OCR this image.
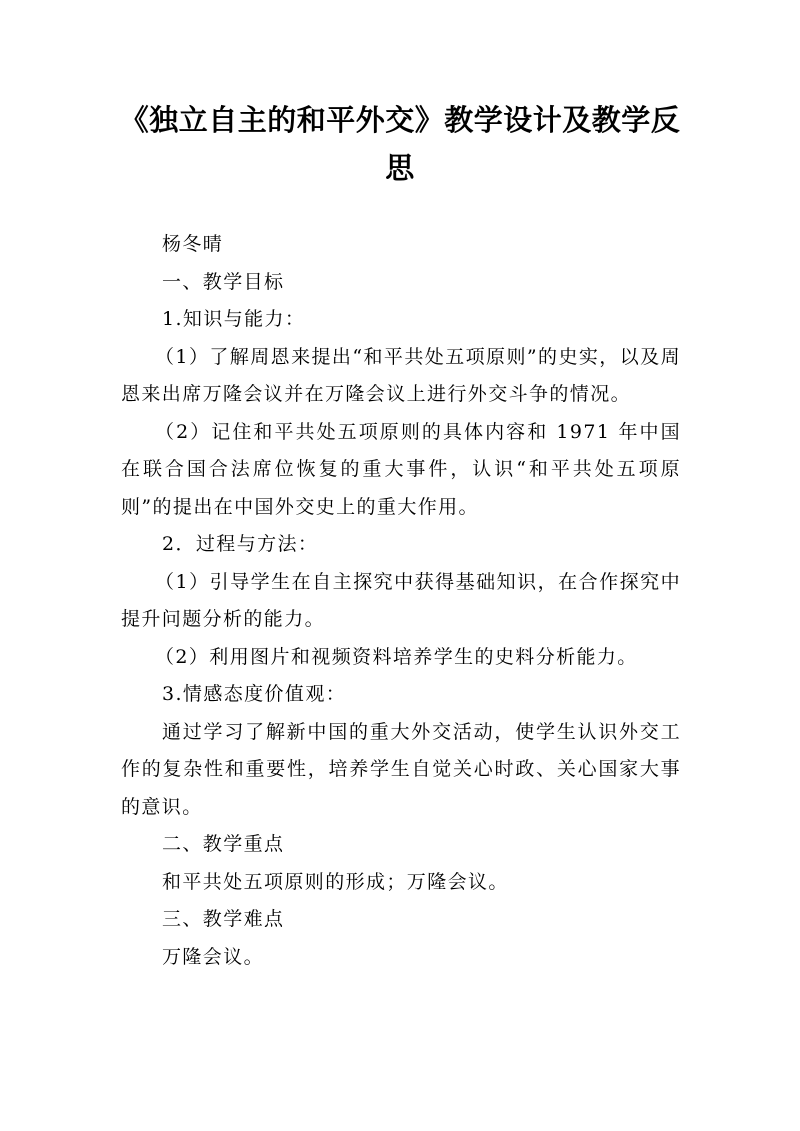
《独立自主的和平外交》教学设计及教学反思

杨冬晴

一、教学目标

1.知识与能力：

（1）了解周恩来提出“和平共处五项原则”的史实，以及周恩来出席万隆会议并在万隆会议上进行外交斗争的情况。

（2）记住和平共处五项原则的具体内容和 1971 年中国在联合国合法席位恢复的重大事件，认识“和平共处五项原则”的提出在中国外交史上的重大作用。

2．过程与方法：

（1）引导学生在自主探究中获得基础知识，在合作探究中提升问题分析的能力。

（2）利用图片和视频资料培养学生的史料分析能力。

3.情感态度价值观：

通过学习了解新中国的重大外交活动，使学生认识外交工作的复杂性和重要性，培养学生自觉关心时政、关心国家大事的意识。

二、教学重点

和平共处五项原则的形成；万隆会议。

三、教学难点

万隆会议。
